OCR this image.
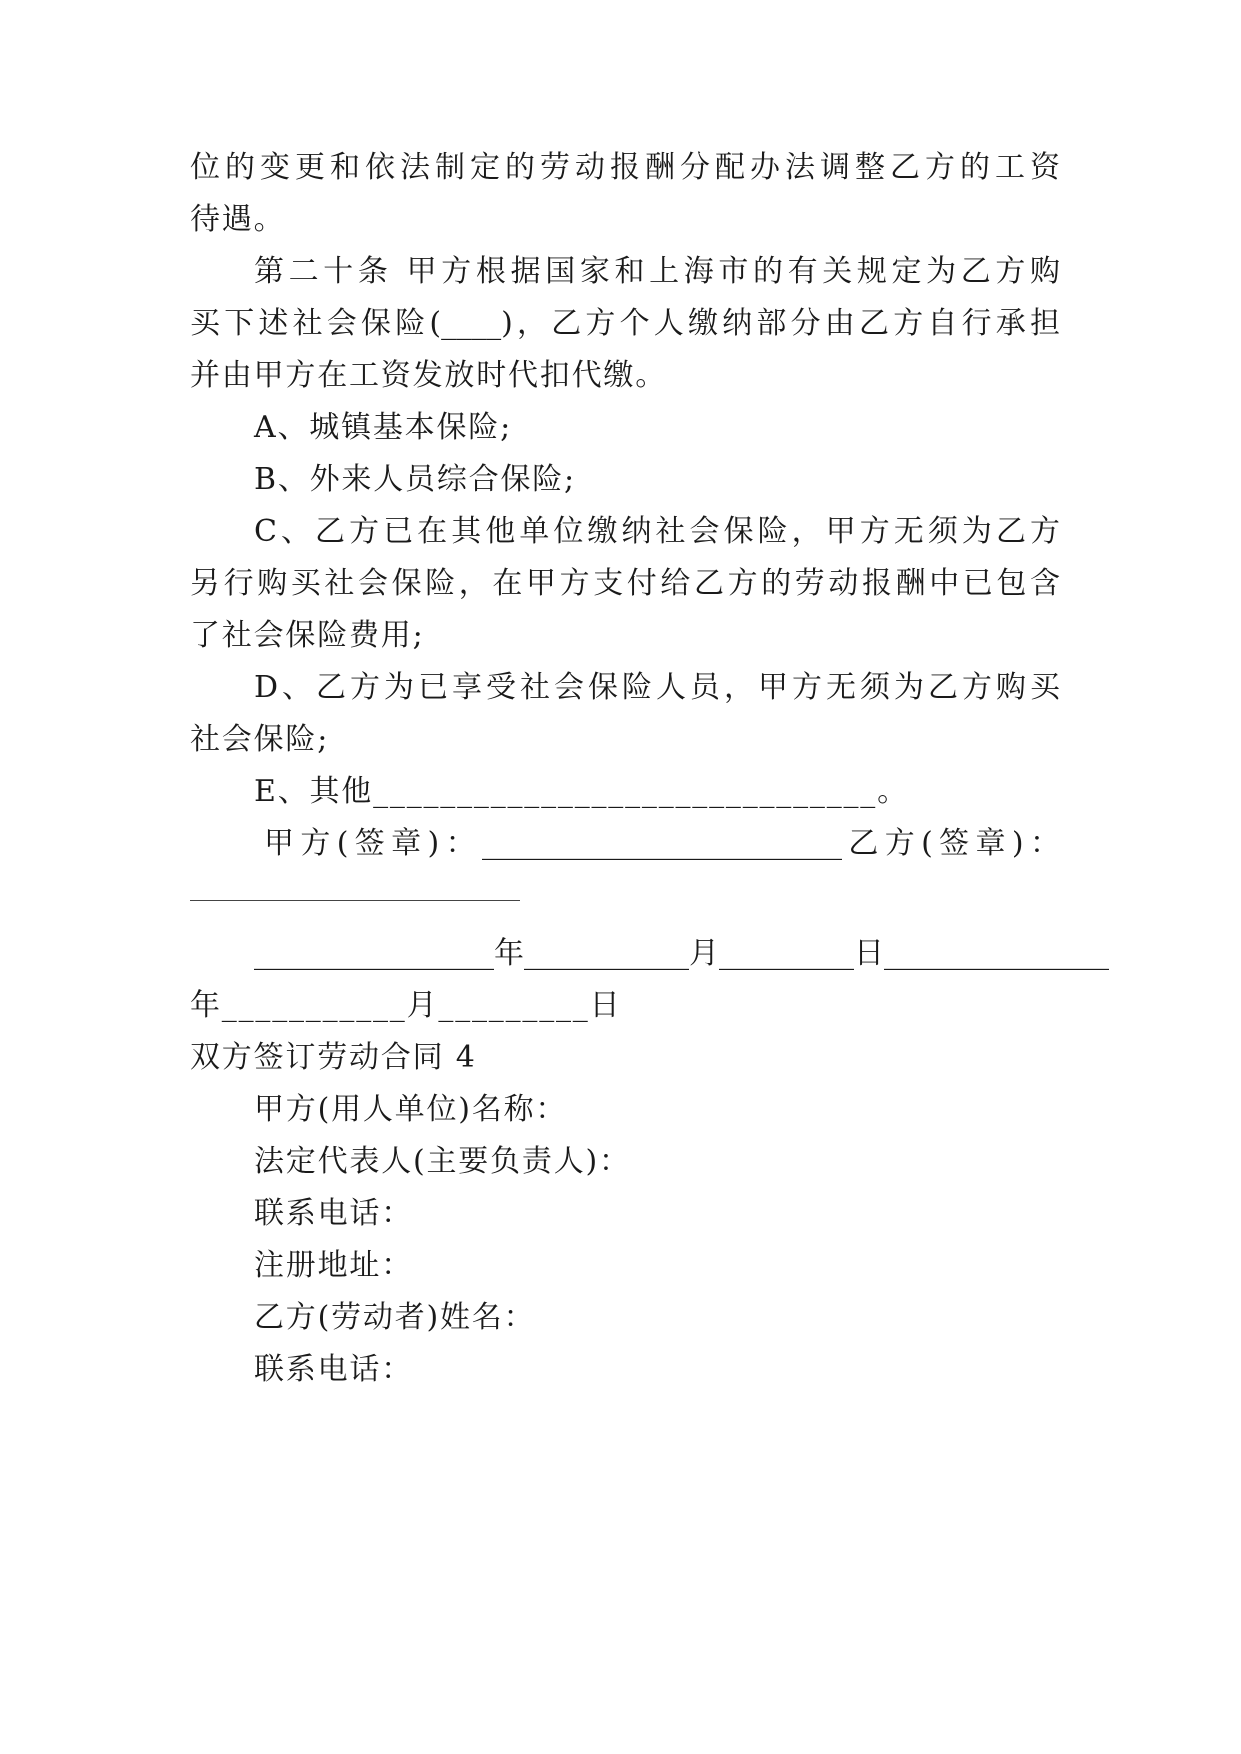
位的变更和依法制定的劳动报酬分配办法调整乙方的工资
待遇。
第二十条 甲方根据国家和上海市的有关规定为乙方购
买下述社会保险(____)，乙方个人缴纳部分由乙方自行承担
并由甲方在工资发放时代扣代缴。
A、城镇基本保险;
B、外来人员综合保险;
C、乙方已在其他单位缴纳社会保险，甲方无须为乙方
另行购买社会保险，在甲方支付给乙方的劳动报酬中已包含
了社会保险费用;
D、乙方为已享受社会保险人员，甲方无须为乙方购买
社会保险;
E、其他______________________________。
甲方(签章)：________________________乙方(签章)：
________________年___________月_________日_______________
年___________月_________日
双方签订劳动合同 4
甲方(用人单位)名称：
法定代表人(主要负责人)：
联系电话：
注册地址：
乙方(劳动者)姓名：
联系电话：
